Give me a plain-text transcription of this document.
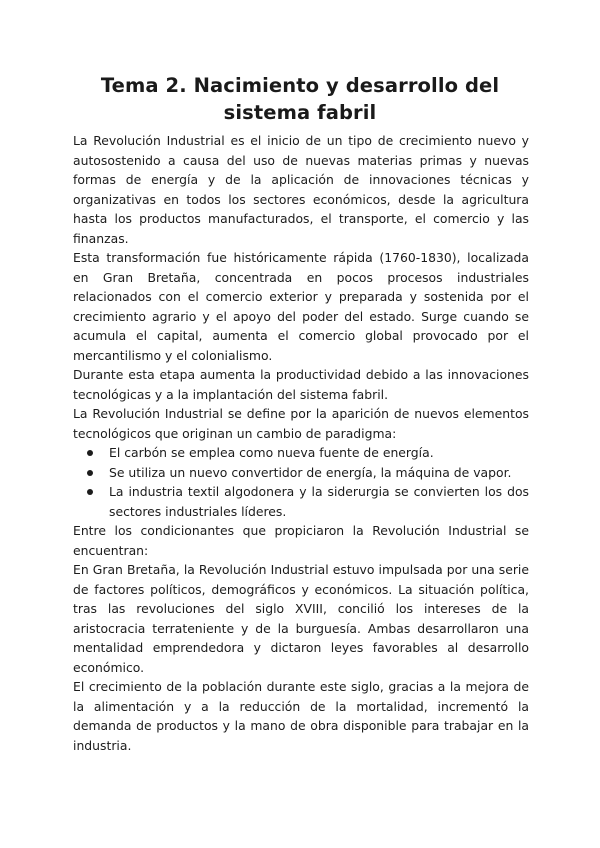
Tema 2. Nacimiento y desarrollo del sistema fabril

La Revolución Industrial es el inicio de un tipo de crecimiento nuevo y autosostenido a causa del uso de nuevas materias primas y nuevas formas de energía y de la aplicación de innovaciones técnicas y organizativas en todos los sectores económicos, desde la agricultura hasta los productos manufacturados, el transporte, el comercio y las finanzas.

Esta transformación fue históricamente rápida (1760-1830), localizada en Gran Bretaña, concentrada en pocos procesos industriales relacionados con el comercio exterior y preparada y sostenida por el crecimiento agrario y el apoyo del poder del estado. Surge cuando se acumula el capital, aumenta el comercio global provocado por el mercantilismo y el colonialismo.

Durante esta etapa aumenta la productividad debido a las innovaciones tecnológicas y a la implantación del sistema fabril.

La Revolución Industrial se define por la aparición de nuevos elementos tecnológicos que originan un cambio de paradigma:

El carbón se emplea como nueva fuente de energía.
Se utiliza un nuevo convertidor de energía, la máquina de vapor.
La industria textil algodonera y la siderurgia se convierten los dos sectores industriales líderes.

Entre los condicionantes que propiciaron la Revolución Industrial se encuentran:

En Gran Bretaña, la Revolución Industrial estuvo impulsada por una serie de factores políticos, demográficos y económicos. La situación política, tras las revoluciones del siglo XVIII, concilió los intereses de la aristocracia terrateniente y de la burguesía. Ambas desarrollaron una mentalidad emprendedora y dictaron leyes favorables al desarrollo económico.

El crecimiento de la población durante este siglo, gracias a la mejora de la alimentación y a la reducción de la mortalidad, incrementó la demanda de productos y la mano de obra disponible para trabajar en la industria.
